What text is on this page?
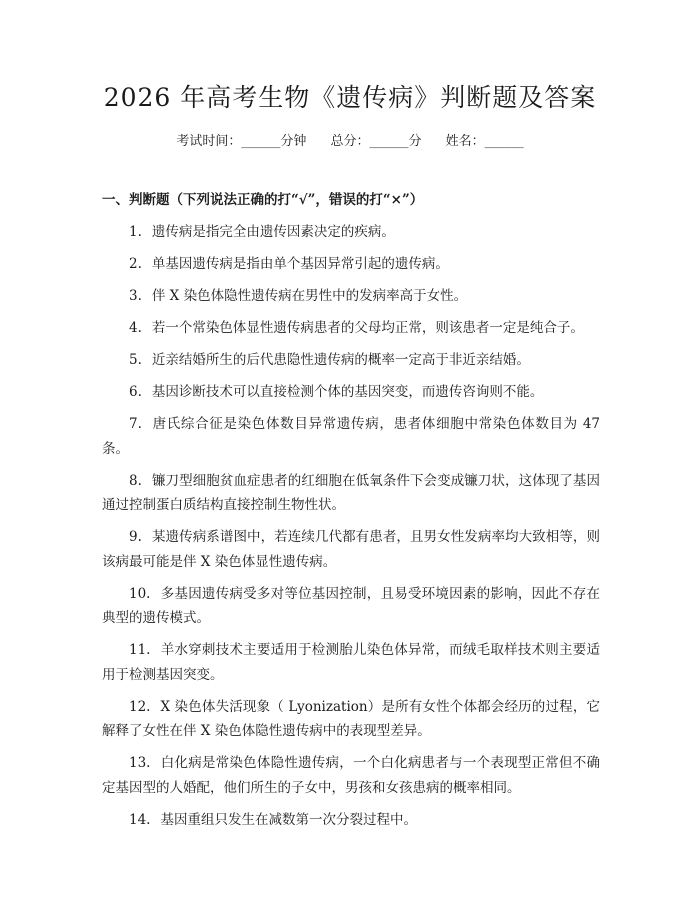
2026 年高考生物《遗传病》判断题及答案
考试时间：______分钟 总分：______分 姓名：______
一、判断题（下列说法正确的打“√”，错误的打“×”）
1. 遗传病是指完全由遗传因素决定的疾病。
2. 单基因遗传病是指由单个基因异常引起的遗传病。
3. 伴 X 染色体隐性遗传病在男性中的发病率高于女性。
4. 若一个常染色体显性遗传病患者的父母均正常，则该患者一定是纯合子。
5. 近亲结婚所生的后代患隐性遗传病的概率一定高于非近亲结婚。
6. 基因诊断技术可以直接检测个体的基因突变，而遗传咨询则不能。
7. 唐氏综合征是染色体数目异常遗传病，患者体细胞中常染色体数目为 47 条。
8. 镰刀型细胞贫血症患者的红细胞在低氧条件下会变成镰刀状，这体现了基因通过控制蛋白质结构直接控制生物性状。
9. 某遗传病系谱图中，若连续几代都有患者，且男女性发病率均大致相等，则该病最可能是伴 X 染色体显性遗传病。
10. 多基因遗传病受多对等位基因控制，且易受环境因素的影响，因此不存在典型的遗传模式。
11. 羊水穿刺技术主要适用于检测胎儿染色体异常，而绒毛取样技术则主要适用于检测基因突变。
12. X 染色体失活现象（ Lyonization）是所有女性个体都会经历的过程，它解释了女性在伴 X 染色体隐性遗传病中的表现型差异。
13. 白化病是常染色体隐性遗传病，一个白化病患者与一个表现型正常但不确定基因型的人婚配，他们所生的子女中，男孩和女孩患病的概率相同。
14. 基因重组只发生在减数第一次分裂过程中。
